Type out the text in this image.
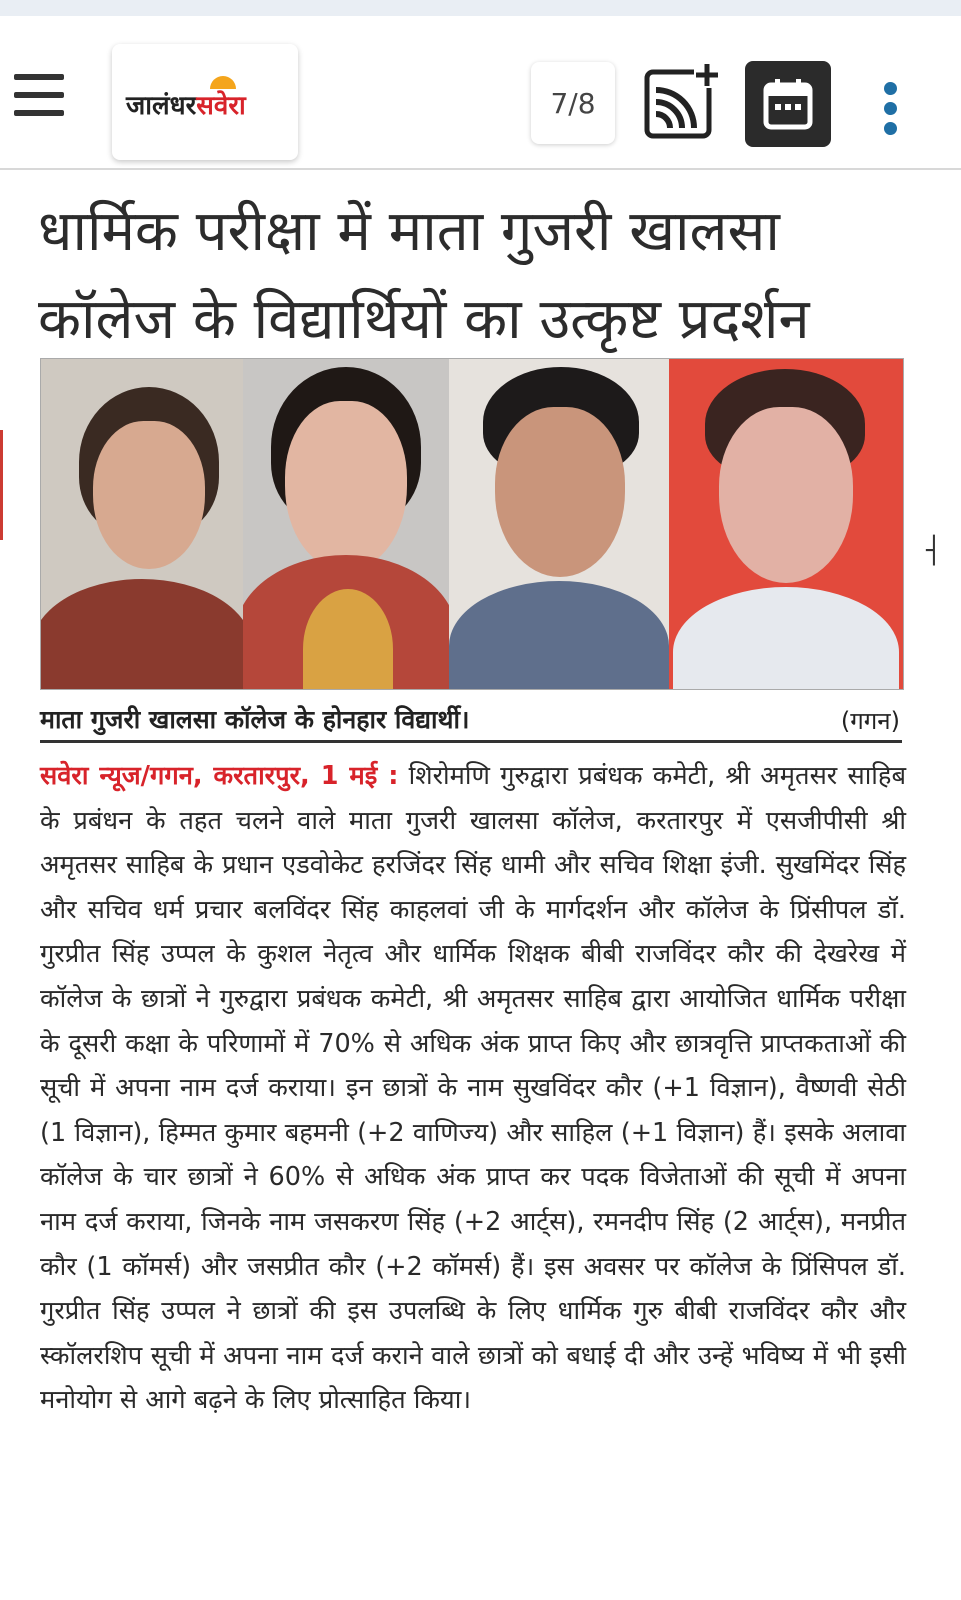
जालंधरसवेरा	7/8
┤
धार्मिक परीक्षा में माता गुजरी खालसा
कॉलेज के विद्यार्थियों का उत्कृष्ट प्रदर्शन
माता गुजरी खालसा कॉलेज के होनहार विद्यार्थी।	(गगन)

सवेरा न्यूज/गगन, करतारपुर, 1 मई : शिरोमणि गुरुद्वारा प्रबंधक कमेटी, श्री अमृतसर साहिब के प्रबंधन के तहत चलने वाले माता गुजरी खालसा कॉलेज, करतारपुर में एसजीपीसी श्री अमृतसर साहिब के प्रधान एडवोकेट हरजिंदर सिंह धामी और सचिव शिक्षा इंजी. सुखमिंदर सिंह और सचिव धर्म प्रचार बलविंदर सिंह काहलवां जी के मार्गदर्शन और कॉलेज के प्रिंसीपल डॉ. गुरप्रीत सिंह उप्पल के कुशल नेतृत्व और धार्मिक शिक्षक बीबी राजविंदर कौर की देखरेख में कॉलेज के छात्रों ने गुरुद्वारा प्रबंधक कमेटी, श्री अमृतसर साहिब द्वारा आयोजित धार्मिक परीक्षा के दूसरी कक्षा के परिणामों में 70% से अधिक अंक प्राप्त किए और छात्रवृत्ति प्राप्तकताओं की सूची में अपना नाम दर्ज कराया। इन छात्रों के नाम सुखविंदर कौर (+1 विज्ञान), वैष्णवी सेठी (1 विज्ञान), हिम्मत कुमार बहमनी (+2 वाणिज्य) और साहिल (+1 विज्ञान) हैं। इसके अलावा कॉलेज के चार छात्रों ने 60% से अधिक अंक प्राप्त कर पदक विजेताओं की सूची में अपना नाम दर्ज कराया, जिनके नाम जसकरण सिंह (+2 आर्ट्स), रमनदीप सिंह (2 आर्ट्स), मनप्रीत कौर (1 कॉमर्स) और जसप्रीत कौर (+2 कॉमर्स) हैं। इस अवसर पर कॉलेज के प्रिंसिपल डॉ. गुरप्रीत सिंह उप्पल ने छात्रों की इस उपलब्धि के लिए धार्मिक गुरु बीबी राजविंदर कौर और स्कॉलरशिप सूची में अपना नाम दर्ज कराने वाले छात्रों को बधाई दी और उन्हें भविष्य में भी इसी मनोयोग से आगे बढ़ने के लिए प्रोत्साहित किया।
